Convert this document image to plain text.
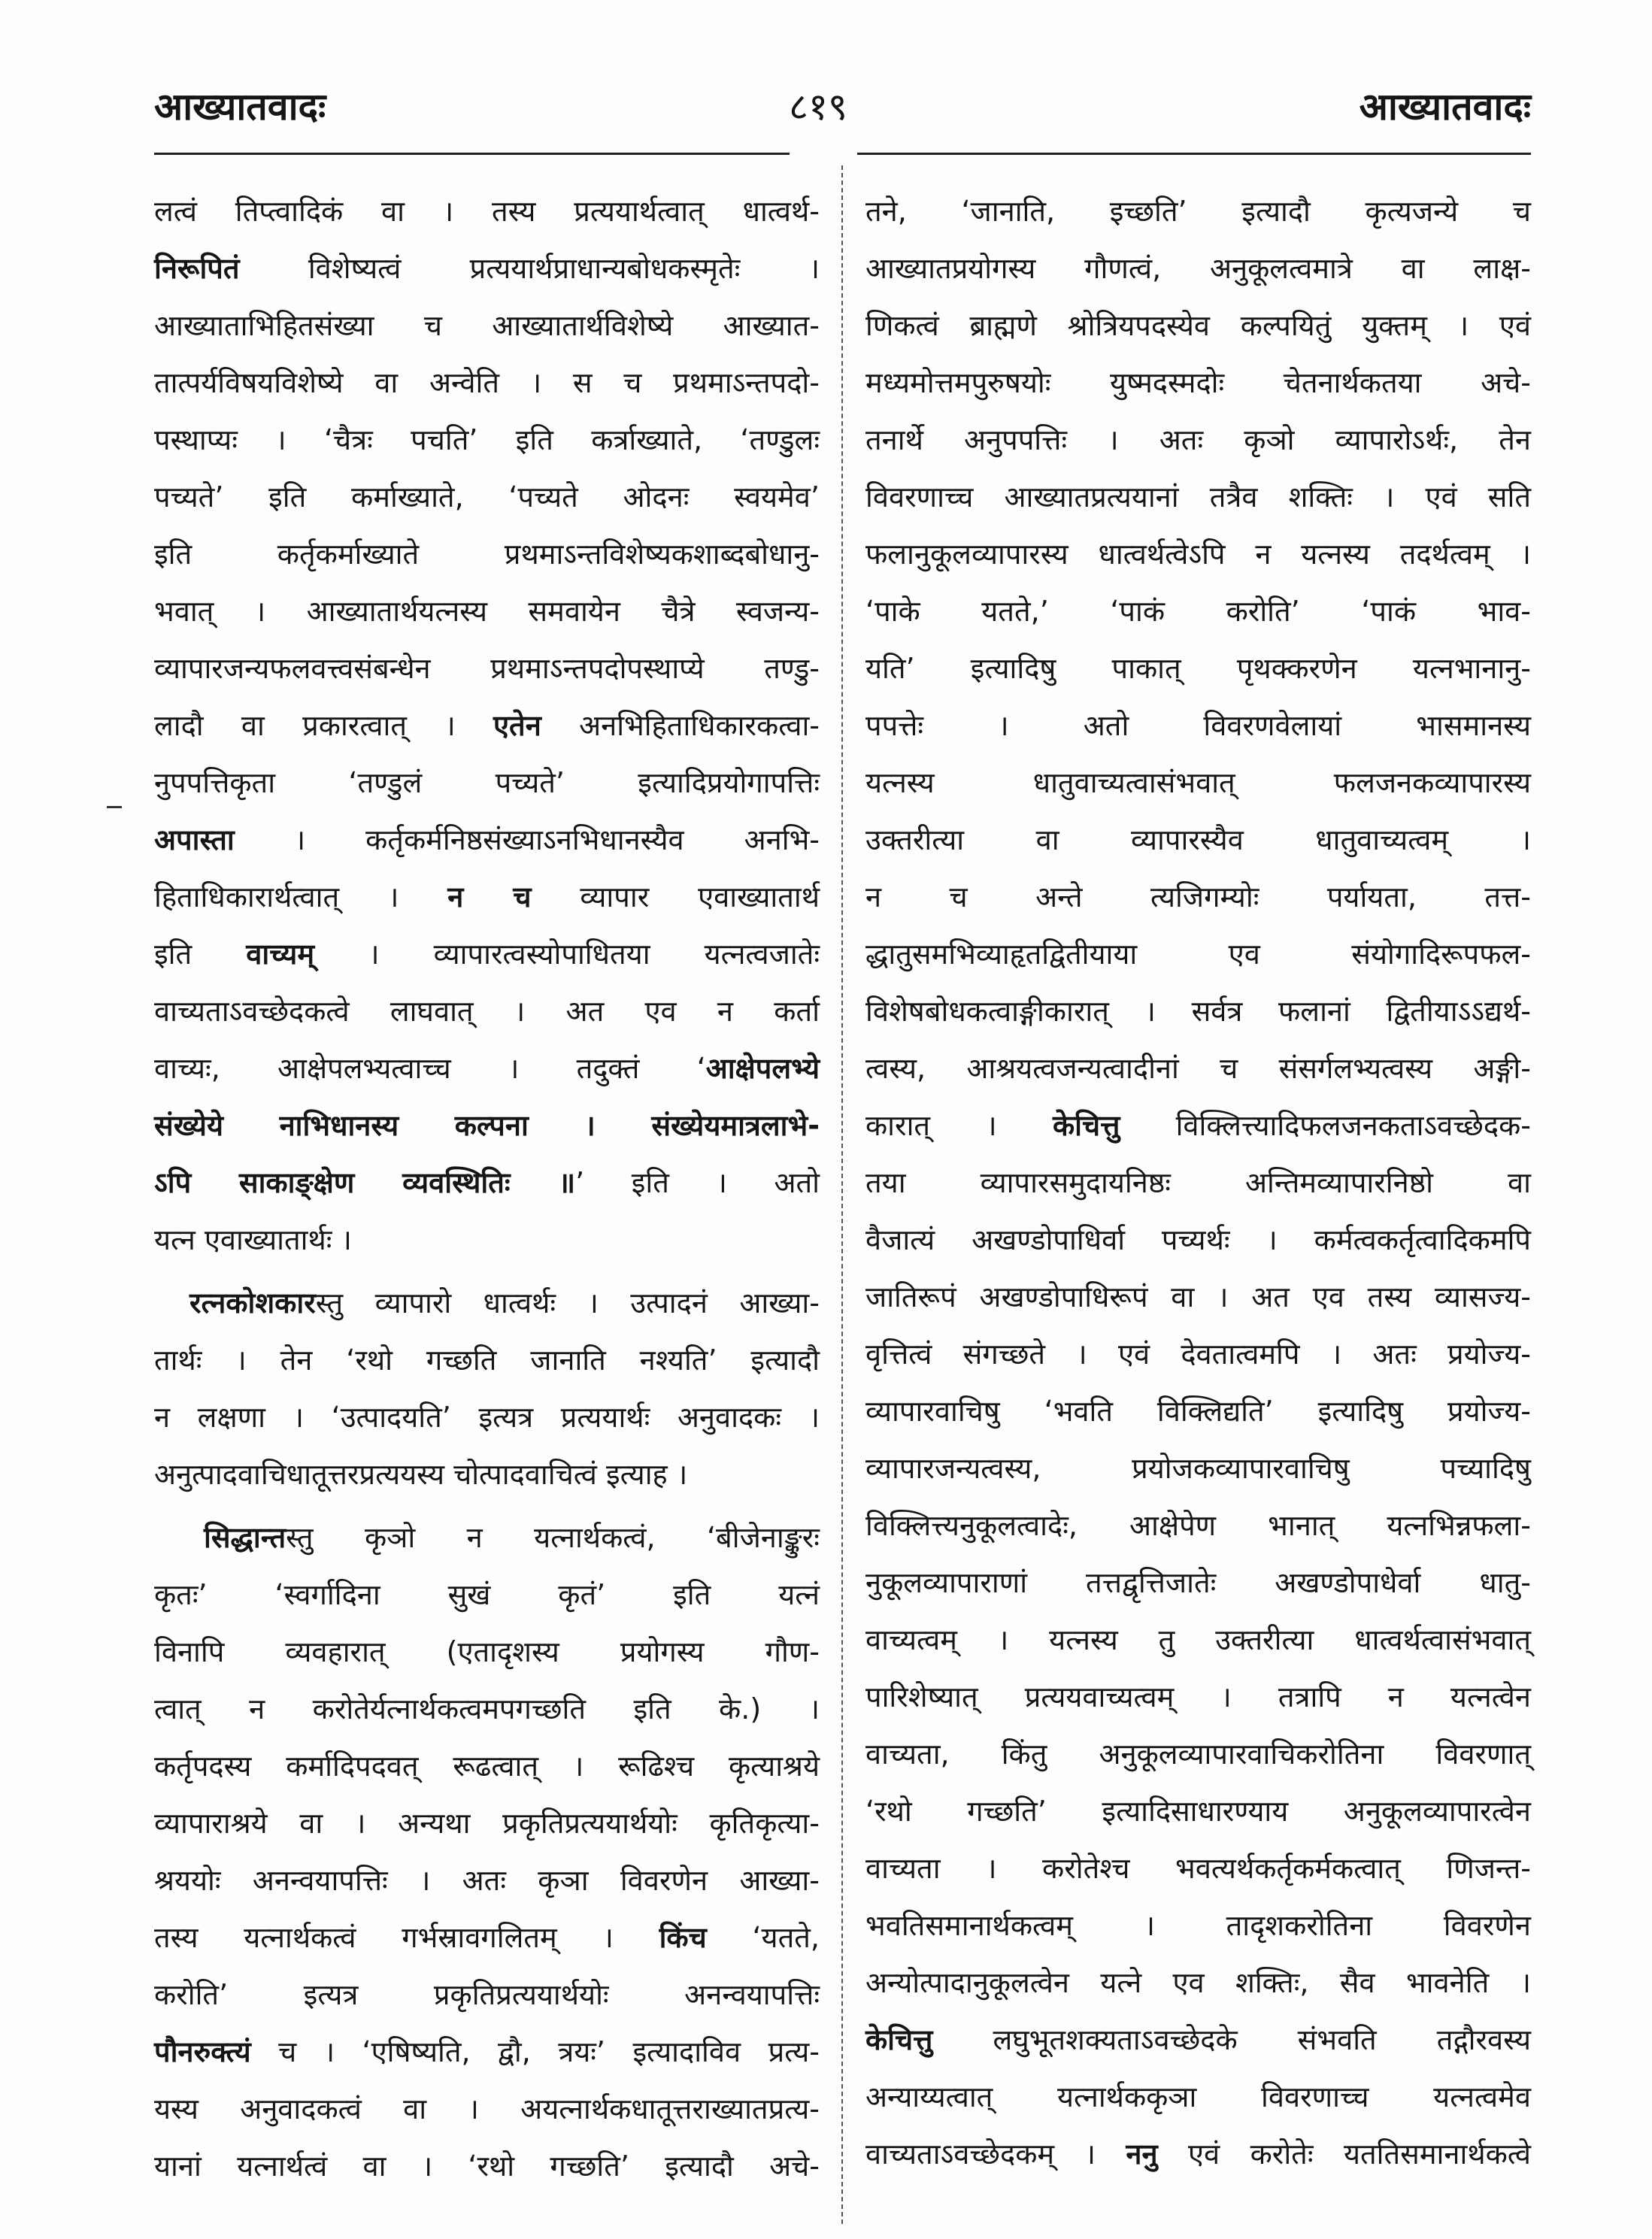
आख्यातवादः	८१९	आख्यातवादः
लत्वं तिप्त्वादिकं वा । तस्य प्रत्ययार्थत्वात् धात्वर्थ-
निरूपितं विशेष्यत्वं प्रत्ययार्थप्राधान्यबोधकस्मृतेः ।
आख्याताभिहितसंख्या च आख्यातार्थविशेष्ये आख्यात-
तात्पर्यविषयविशेष्ये वा अन्वेति । स च प्रथमाऽन्तपदो-
पस्थाप्यः । ‘चैत्रः पचति’ इति कर्त्राख्याते, ‘तण्डुलः
पच्यते’ इति कर्माख्याते, ‘पच्यते ओदनः स्वयमेव’
इति कर्तृकर्माख्याते प्रथमाऽन्तविशेष्यकशाब्दबोधानु-
भवात् । आख्यातार्थयत्नस्य समवायेन चैत्रे स्वजन्य-
व्यापारजन्यफलवत्त्वसंबन्धेन प्रथमाऽन्तपदोपस्थाप्ये तण्डु-
लादौ वा प्रकारत्वात् । एतेन अनभिहिताधिकारकत्वा-
नुपपत्तिकृता ‘तण्डुलं पच्यते’ इत्यादिप्रयोगापत्तिः
अपास्ता । कर्तृकर्मनिष्ठसंख्याऽनभिधानस्यैव अनभि-
हिताधिकारार्थत्वात् । न च व्यापार एवाख्यातार्थ
इति वाच्यम् । व्यापारत्वस्योपाधितया यत्नत्वजातेः
वाच्यताऽवच्छेदकत्वे लाघवात् । अत एव न कर्ता
वाच्यः, आक्षेपलभ्यत्वाच्च । तदुक्तं ‘आक्षेपलभ्ये
संख्येये नाभिधानस्य कल्पना । संख्येयमात्रलाभे-
ऽपि साकाङ्क्षेण व्यवस्थितिः ॥’ इति । अतो
यत्न एवाख्यातार्थः ।
रत्नकोशकारस्तु व्यापारो धात्वर्थः । उत्पादनं आख्या-
तार्थः । तेन ‘रथो गच्छति जानाति नश्यति’ इत्यादौ
न लक्षणा । ‘उत्पादयति’ इत्यत्र प्रत्ययार्थः अनुवादकः ।
अनुत्पादवाचिधातूत्तरप्रत्ययस्य चोत्पादवाचित्वं इत्याह ।
सिद्धान्तस्तु कृञो न यत्नार्थकत्वं, ‘बीजेनाङ्कुरः
कृतः’ ‘स्वर्गादिना सुखं कृतं’ इति यत्नं
विनापि व्यवहारात् (एतादृशस्य प्रयोगस्य गौण-
त्वात् न करोतेर्यत्नार्थकत्वमपगच्छति इति के.) ।
कर्तृपदस्य कर्मादिपदवत् रूढत्वात् । रूढिश्च कृत्याश्रये
व्यापाराश्रये वा । अन्यथा प्रकृतिप्रत्ययार्थयोः कृतिकृत्या-
श्रययोः अनन्वयापत्तिः । अतः कृञा विवरणेन आख्या-
तस्य यत्नार्थकत्वं गर्भस्रावगलितम् । किंच ‘यतते,
करोति’ इत्यत्र प्रकृतिप्रत्ययार्थयोः अनन्वयापत्तिः
पौनरुक्त्यं च । ‘एषिष्यति, द्वौ, त्रयः’ इत्यादाविव प्रत्य-
यस्य अनुवादकत्वं वा । अयत्नार्थकधातूत्तराख्यातप्रत्य-
यानां यत्नार्थत्वं वा । ‘रथो गच्छति’ इत्यादौ अचे-
तने, ‘जानाति, इच्छति’ इत्यादौ कृत्यजन्ये च
आख्यातप्रयोगस्य गौणत्वं, अनुकूलत्वमात्रे वा लाक्ष-
णिकत्वं ब्राह्मणे श्रोत्रियपदस्येव कल्पयितुं युक्तम् । एवं
मध्यमोत्तमपुरुषयोः युष्मदस्मदोः चेतनार्थकतया अचे-
तनार्थे अनुपपत्तिः । अतः कृञो व्यापारोऽर्थः, तेन
विवरणाच्च आख्यातप्रत्ययानां तत्रैव शक्तिः । एवं सति
फलानुकूलव्यापारस्य धात्वर्थत्वेऽपि न यत्नस्य तदर्थत्वम् ।
‘पाके यतते,’ ‘पाकं करोति’ ‘पाकं भाव-
यति’ इत्यादिषु पाकात् पृथक्करणेन यत्नभानानु-
पपत्तेः । अतो विवरणवेलायां भासमानस्य
यत्नस्य धातुवाच्यत्वासंभवात् फलजनकव्यापारस्य
उक्तरीत्या वा व्यापारस्यैव धातुवाच्यत्वम् ।
न च अन्ते त्यजिगम्योः पर्यायता, तत्त-
द्धातुसमभिव्याहृतद्वितीयाया एव संयोगादिरूपफल-
विशेषबोधकत्वाङ्गीकारात् । सर्वत्र फलानां द्वितीयाऽऽद्यर्थ-
त्वस्य, आश्रयत्वजन्यत्वादीनां च संसर्गलभ्यत्वस्य अङ्गी-
कारात् । केचित्तु विक्लित्त्यादिफलजनकताऽवच्छेदक-
तया व्यापारसमुदायनिष्ठः अन्तिमव्यापारनिष्ठो वा
वैजात्यं अखण्डोपाधिर्वा पच्यर्थः । कर्मत्वकर्तृत्वादिकमपि
जातिरूपं अखण्डोपाधिरूपं वा । अत एव तस्य व्यासज्य-
वृत्तित्वं संगच्छते । एवं देवतात्वमपि । अतः प्रयोज्य-
व्यापारवाचिषु ‘भवति विक्लिद्यति’ इत्यादिषु प्रयोज्य-
व्यापारजन्यत्वस्य, प्रयोजकव्यापारवाचिषु पच्यादिषु
विक्लित्त्यनुकूलत्वादेः, आक्षेपेण भानात् यत्नभिन्नफला-
नुकूलव्यापाराणां तत्तद्वृत्तिजातेः अखण्डोपाधेर्वा धातु-
वाच्यत्वम् । यत्नस्य तु उक्तरीत्या धात्वर्थत्वासंभवात्
पारिशेष्यात् प्रत्ययवाच्यत्वम् । तत्रापि न यत्नत्वेन
वाच्यता, किंतु अनुकूलव्यापारवाचिकरोतिना विवरणात्
‘रथो गच्छति’ इत्यादिसाधारण्याय अनुकूलव्यापारत्वेन
वाच्यता । करोतेश्च भवत्यर्थकर्तृकर्मकत्वात् णिजन्त-
भवतिसमानार्थकत्वम् । तादृशकरोतिना विवरणेन
अन्योत्पादानुकूलत्वेन यत्ने एव शक्तिः, सैव भावनेति ।
केचित्तु लघुभूतशक्यताऽवच्छेदके संभवति तद्गौरवस्य
अन्याय्यत्वात् यत्नार्थककृञा विवरणाच्च यत्नत्वमेव
वाच्यताऽवच्छेदकम् । ननु एवं करोतेः यततिसमानार्थकत्वे
